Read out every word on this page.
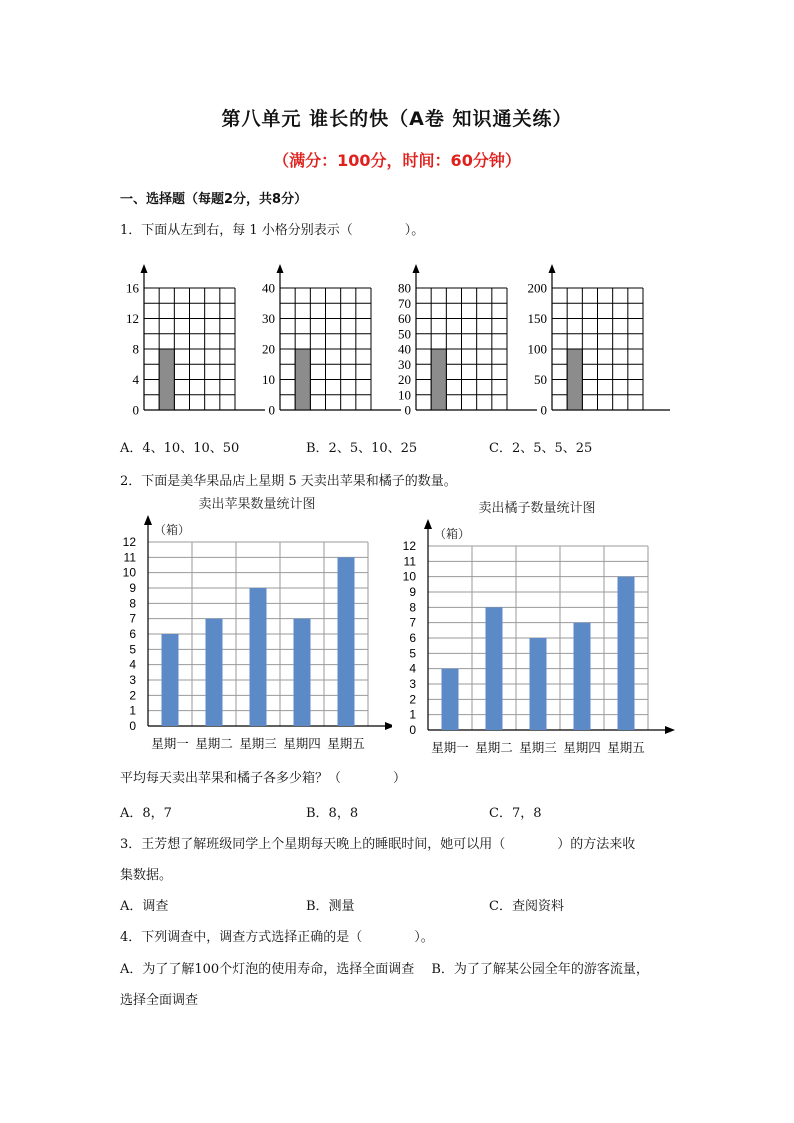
第八单元 谁长的快（A卷 知识通关练）
（满分：100分，时间：60分钟）
一、选择题（每题2分，共8分）
1．下面从左到右，每 1 小格分别表示（　　　　）。
16
12
8
4
0
40
30
20
10
0
80
70
60
50
40
30
20
10
0
200
150
100
50
0
A．4、10、10、50	B．2、5、10、25	C．2、5、5、25
2．下面是美华果品店上星期 5 天卖出苹果和橘子的数量。
卖出苹果数量统计图
（箱）
0
1
2
3
4
5
6
7
8
9
10
11
12
星期一 星期二 星期三 星期四 星期五
卖出橘子数量统计图
（箱）
0
1
2
3
4
5
6
7
8
9
10
11
12
星期一 星期二 星期三 星期四 星期五
平均每天卖出苹果和橘子各多少箱？（　　　　）
A．8，7	B．8，8	C．7，8
3．王芳想了解班级同学上个星期每天晚上的睡眠时间，她可以用（　　　　）的方法来收
集数据。
A．调查	B．测量	C．查阅资料
4．下列调查中，调查方式选择正确的是（　　　　）。
A．为了了解100个灯泡的使用寿命，选择全面调查　 B．为了了解某公园全年的游客流量，
选择全面调查
